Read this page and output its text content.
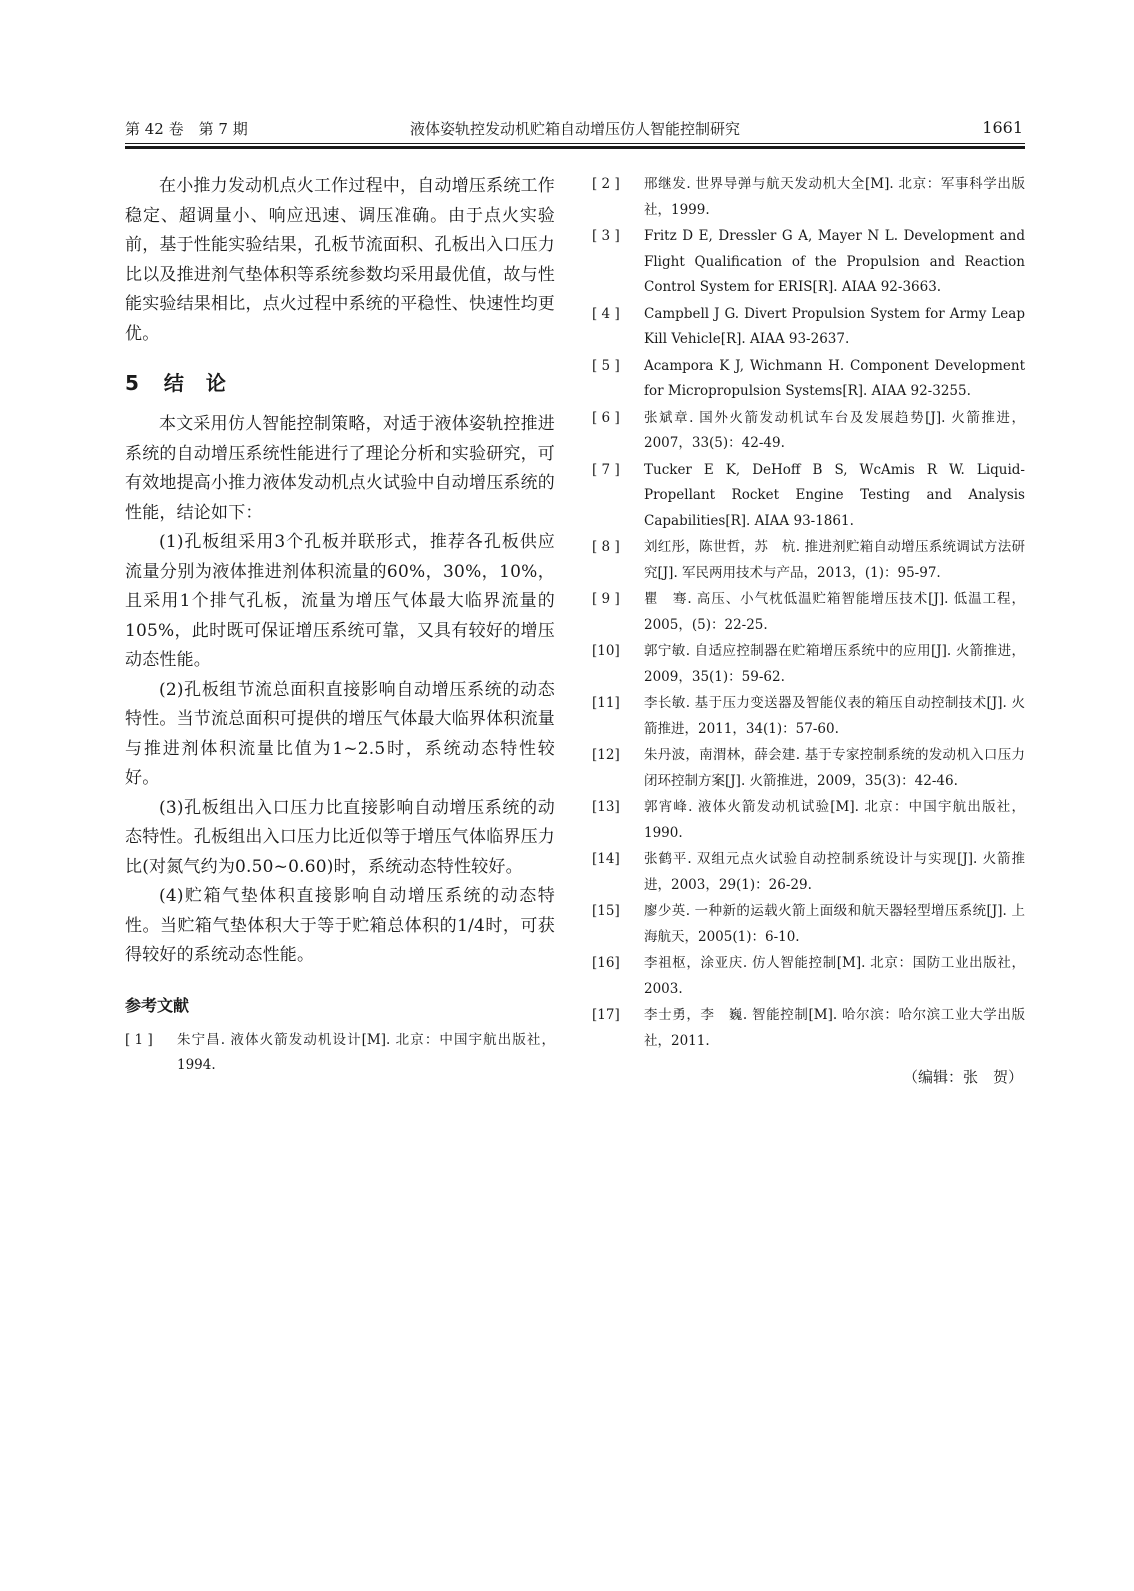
第 42 卷　第 7 期	液体姿轨控发动机贮箱自动增压仿人智能控制研究	1661

在小推力发动机点火工作过程中，自动增压系统工作稳定、超调量小、响应迅速、调压准确。由于点火实验前，基于性能实验结果，孔板节流面积、孔板出入口压力比以及推进剂气垫体积等系统参数均采用最优值，故与性能实验结果相比，点火过程中系统的平稳性、快速性均更优。

5 结　论

本文采用仿人智能控制策略，对适于液体姿轨控推进系统的自动增压系统性能进行了理论分析和实验研究，可有效地提高小推力液体发动机点火试验中自动增压系统的性能，结论如下：

(1)孔板组采用3个孔板并联形式，推荐各孔板供应流量分别为液体推进剂体积流量的60%，30%，10%，且采用1个排气孔板，流量为增压气体最大临界流量的105%，此时既可保证增压系统可靠，又具有较好的增压动态性能。

(2)孔板组节流总面积直接影响自动增压系统的动态特性。当节流总面积可提供的增压气体最大临界体积流量与推进剂体积流量比值为1~2.5时，系统动态特性较好。

(3)孔板组出入口压力比直接影响自动增压系统的动态特性。孔板组出入口压力比近似等于增压气体临界压力比(对氮气约为0.50~0.60)时，系统动态特性较好。

(4)贮箱气垫体积直接影响自动增压系统的动态特性。当贮箱气垫体积大于等于贮箱总体积的1/4时，可获得较好的系统动态性能。

参考文献
[ 1 ]	朱宁昌. 液体火箭发动机设计[M]. 北京：中国宇航出版社，1994.
[ 2 ]	邢继发. 世界导弹与航天发动机大全[M]. 北京：军事科学出版社，1999.
[ 3 ]	Fritz D E, Dressler G A, Mayer N L. Development and Flight Qualification of the Propulsion and Reaction Control System for ERIS[R]. AIAA 92-3663.
[ 4 ]	Campbell J G. Divert Propulsion System for Army Leap Kill Vehicle[R]. AIAA 93-2637.
[ 5 ]	Acampora K J, Wichmann H. Component Development for Micropropulsion Systems[R]. AIAA 92-3255.
[ 6 ]	张斌章. 国外火箭发动机试车台及发展趋势[J]. 火箭推进，2007，33(5)：42-49.
[ 7 ]	Tucker E K, DeHoff B S, WcAmis R W. Liquid-Propellant Rocket Engine Testing and Analysis Capabilities[R]. AIAA 93-1861.
[ 8 ]	刘红彤，陈世哲，苏　杭. 推进剂贮箱自动增压系统调试方法研究[J]. 军民两用技术与产品，2013，(1)：95-97.
[ 9 ]	瞿　骞. 高压、小气枕低温贮箱智能增压技术[J]. 低温工程，2005，(5)：22-25.
[10]	郭宁敏. 自适应控制器在贮箱增压系统中的应用[J]. 火箭推进，2009，35(1)：59-62.
[11]	李长敏. 基于压力变送器及智能仪表的箱压自动控制技术[J]. 火箭推进，2011，34(1)：57-60.
[12]	朱丹波，南渭林，薛会建. 基于专家控制系统的发动机入口压力闭环控制方案[J]. 火箭推进，2009，35(3)：42-46.
[13]	郭宵峰. 液体火箭发动机试验[M]. 北京：中国宇航出版社，1990.
[14]	张鹤平. 双组元点火试验自动控制系统设计与实现[J]. 火箭推进，2003，29(1)：26-29.
[15]	廖少英. 一种新的运载火箭上面级和航天器轻型增压系统[J]. 上海航天，2005(1)：6-10.
[16]	李祖枢，涂亚庆. 仿人智能控制[M]. 北京：国防工业出版社，2003.
[17]	李士勇，李　巍. 智能控制[M]. 哈尔滨：哈尔滨工业大学出版社，2011.
（编辑：张　贺）
